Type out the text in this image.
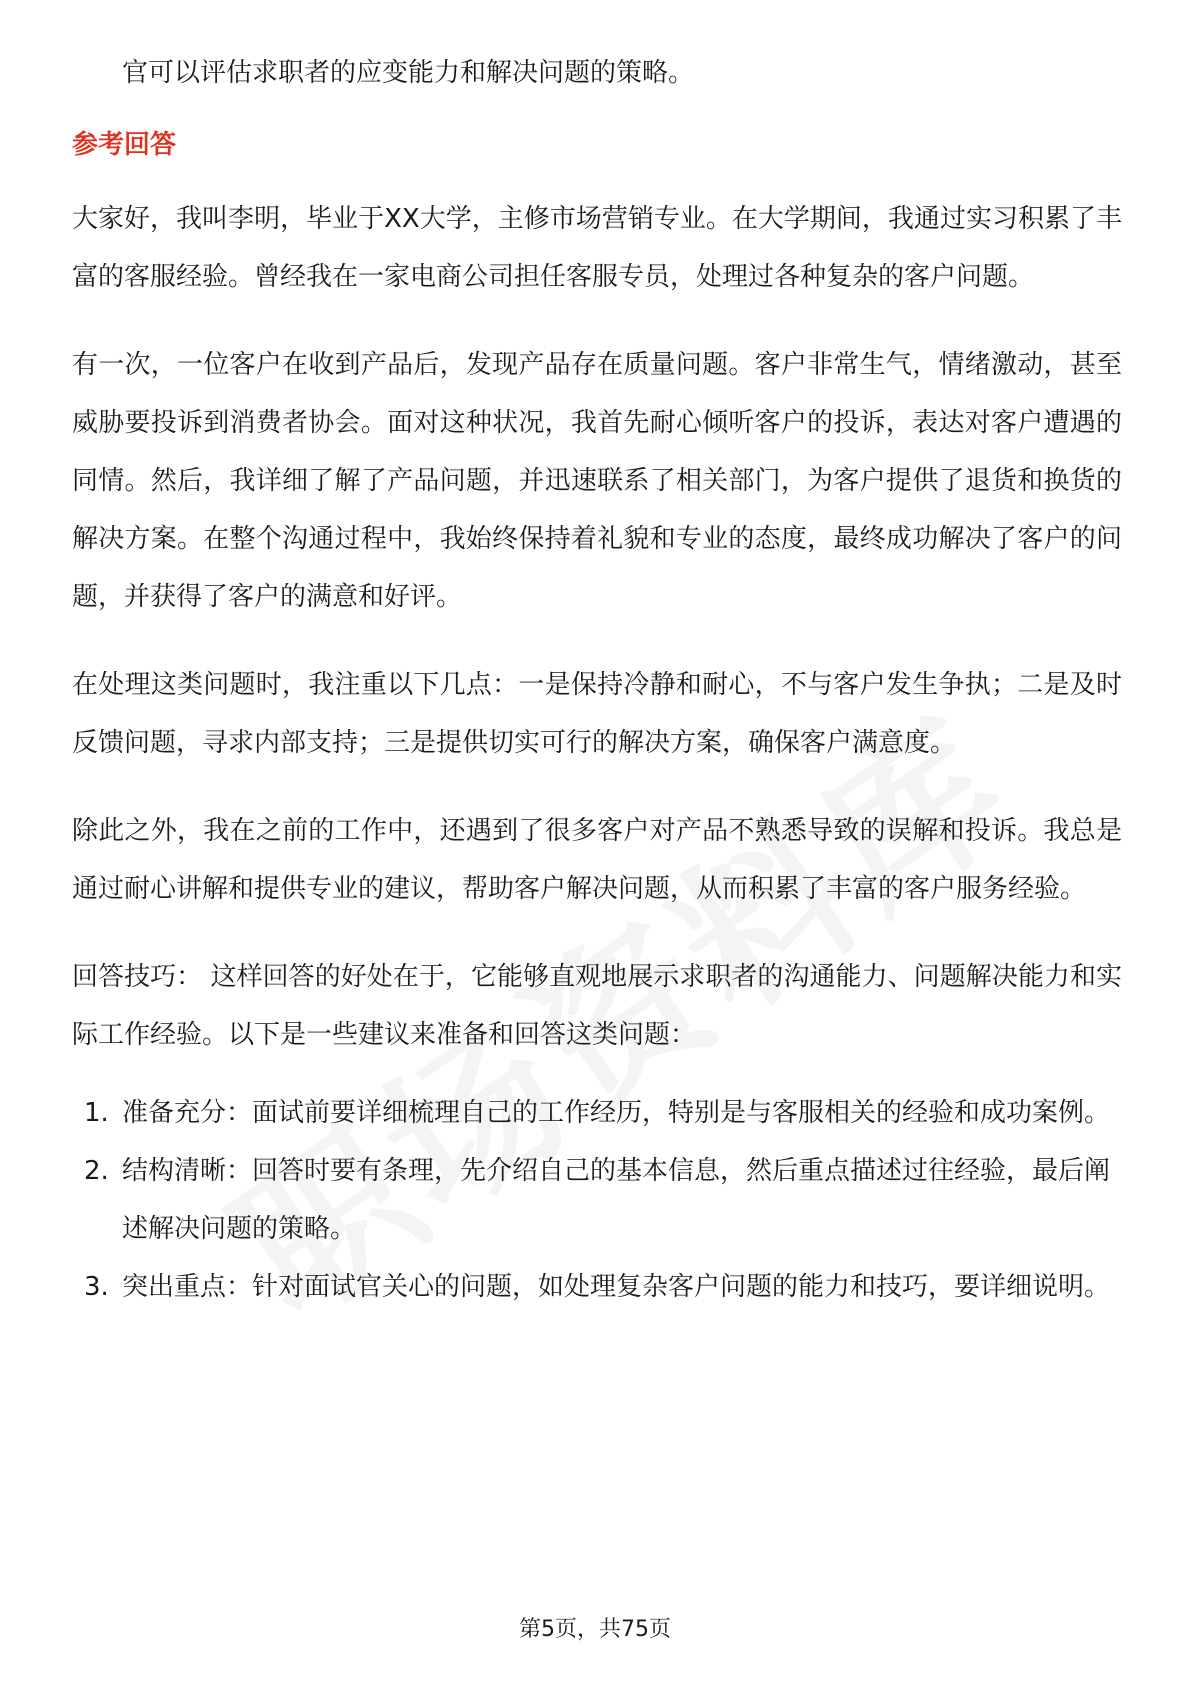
官可以评估求职者的应变能力和解决问题的策略。

参考回答

大家好，我叫李明，毕业于XX大学，主修市场营销专业。在大学期间，我通过实习积累了丰富的客服经验。曾经我在一家电商公司担任客服专员，处理过各种复杂的客户问题。

有一次，一位客户在收到产品后，发现产品存在质量问题。客户非常生气，情绪激动，甚至威胁要投诉到消费者协会。面对这种状况，我首先耐心倾听客户的投诉，表达对客户遭遇的同情。然后，我详细了解了产品问题，并迅速联系了相关部门，为客户提供了退货和换货的解决方案。在整个沟通过程中，我始终保持着礼貌和专业的态度，最终成功解决了客户的问题，并获得了客户的满意和好评。

在处理这类问题时，我注重以下几点：一是保持冷静和耐心，不与客户发生争执；二是及时反馈问题，寻求内部支持；三是提供切实可行的解决方案，确保客户满意度。

除此之外，我在之前的工作中，还遇到了很多客户对产品不熟悉导致的误解和投诉。我总是通过耐心讲解和提供专业的建议，帮助客户解决问题，从而积累了丰富的客户服务经验。

回答技巧： 这样回答的好处在于，它能够直观地展示求职者的沟通能力、问题解决能力和实际工作经验。以下是一些建议来准备和回答这类问题：

1. 准备充分：面试前要详细梳理自己的工作经历，特别是与客服相关的经验和成功案例。
2. 结构清晰：回答时要有条理，先介绍自己的基本信息，然后重点描述过往经验，最后阐述解决问题的策略。
3. 突出重点：针对面试官关心的问题，如处理复杂客户问题的能力和技巧，要详细说明。
第5页，共75页
